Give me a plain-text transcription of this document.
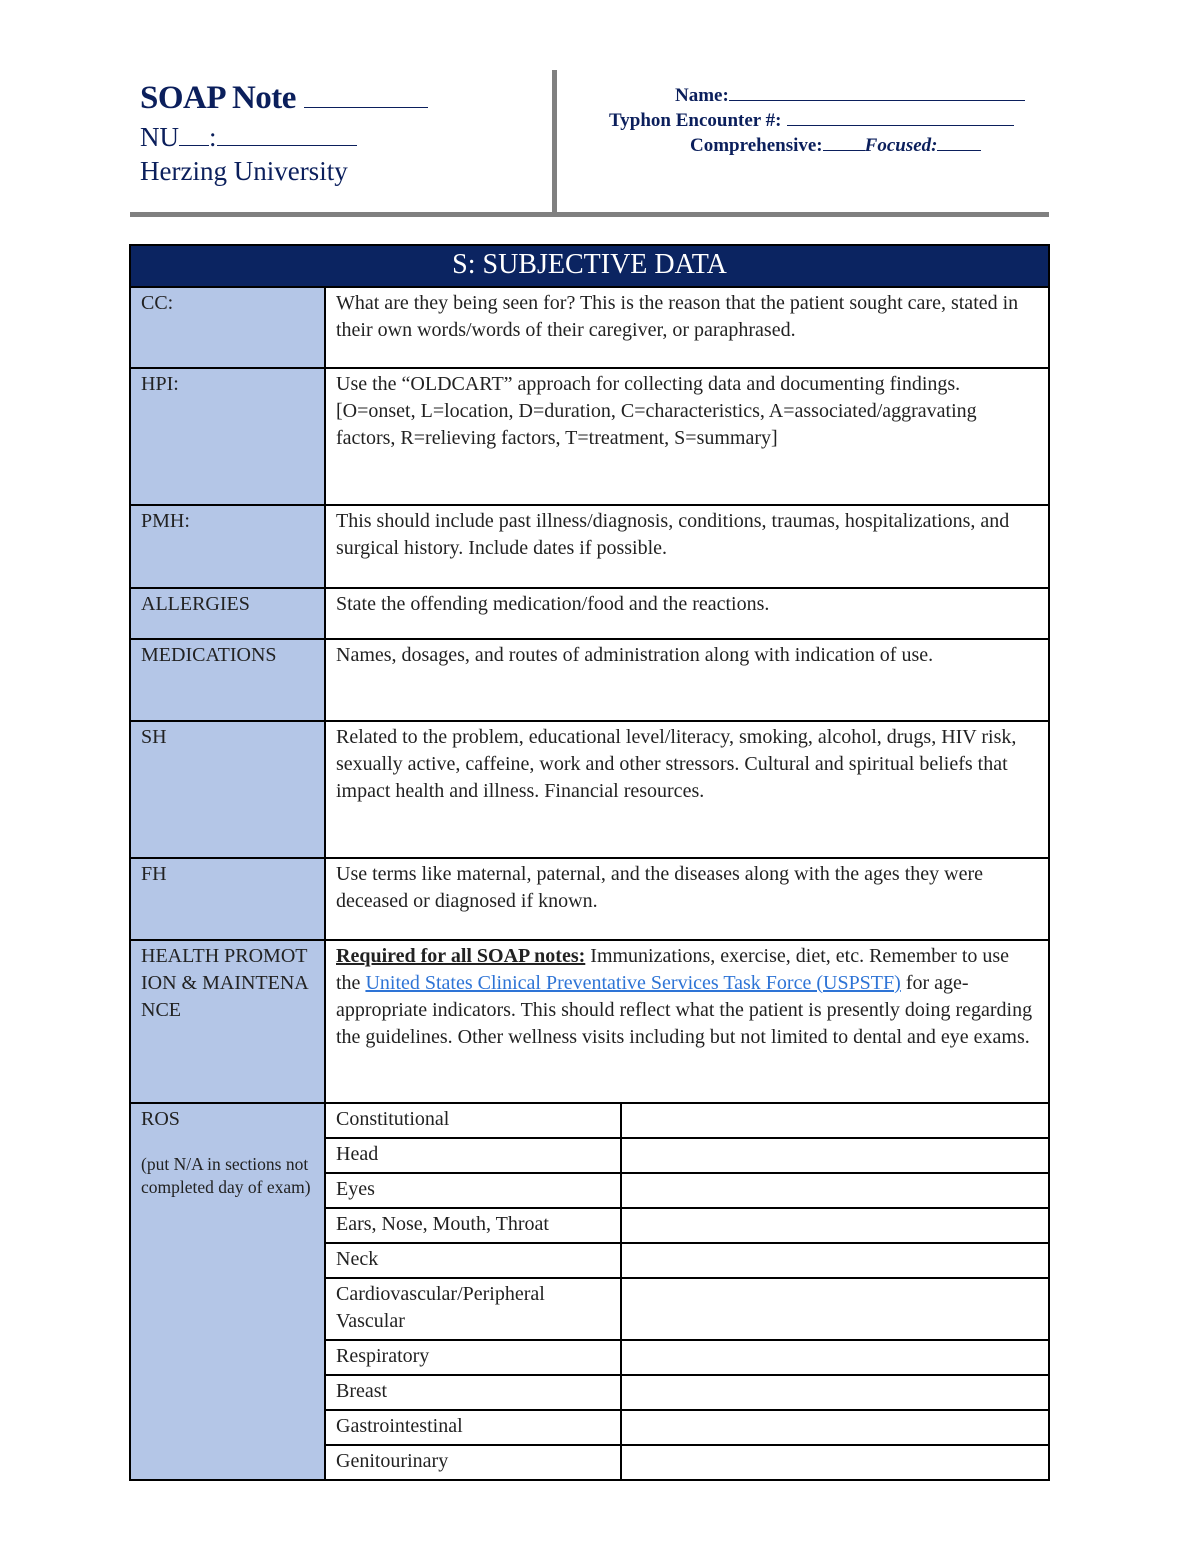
SOAP Note
NU :
Herzing University
Name:
Typhon Encounter #:
Comprehensive: Focused:
S: SUBJECTIVE DATA		
CC:	What are they being seen for? This is the reason that the patient sought care, stated in their own words/words of their caregiver, or paraphrased.	
HPI:	Use the “OLDCART” approach for collecting data and documenting findings. [O=onset, L=location, D=duration, C=characteristics, A=associated/aggravating factors, R=relieving factors, T=treatment, S=summary]	
PMH:	This should include past illness/diagnosis, conditions, traumas, hospitalizations, and surgical history. Include dates if possible.	
ALLERGIES	State the offending medication/food and the reactions.	
MEDICATIONS	Names, dosages, and routes of administration along with indication of use.	
SH	Related to the problem, educational level/literacy, smoking, alcohol, drugs, HIV risk, sexually active, caffeine, work and other stressors. Cultural and spiritual beliefs that impact health and illness. Financial resources.	
FH	Use terms like maternal, paternal, and the diseases along with the ages they were deceased or diagnosed if known.	
HEALTH PROMOTION & MAINTENANCE	Required for all SOAP notes: Immunizations, exercise, diet, etc. Remember to use the United States Clinical Preventative Services Task Force (USPSTF) for age-appropriate indicators. This should reflect what the patient is presently doing regarding the guidelines. Other wellness visits including but not limited to dental and eye exams.	

ROS
(put N/A in sections not completed day of exam)	Constitutional	
	Head	
	Eyes	
	Ears, Nose, Mouth, Throat	
	Neck	
	Cardiovascular/Peripheral Vascular	
	Respiratory	
	Breast	
	Gastrointestinal	
	Genitourinary	
